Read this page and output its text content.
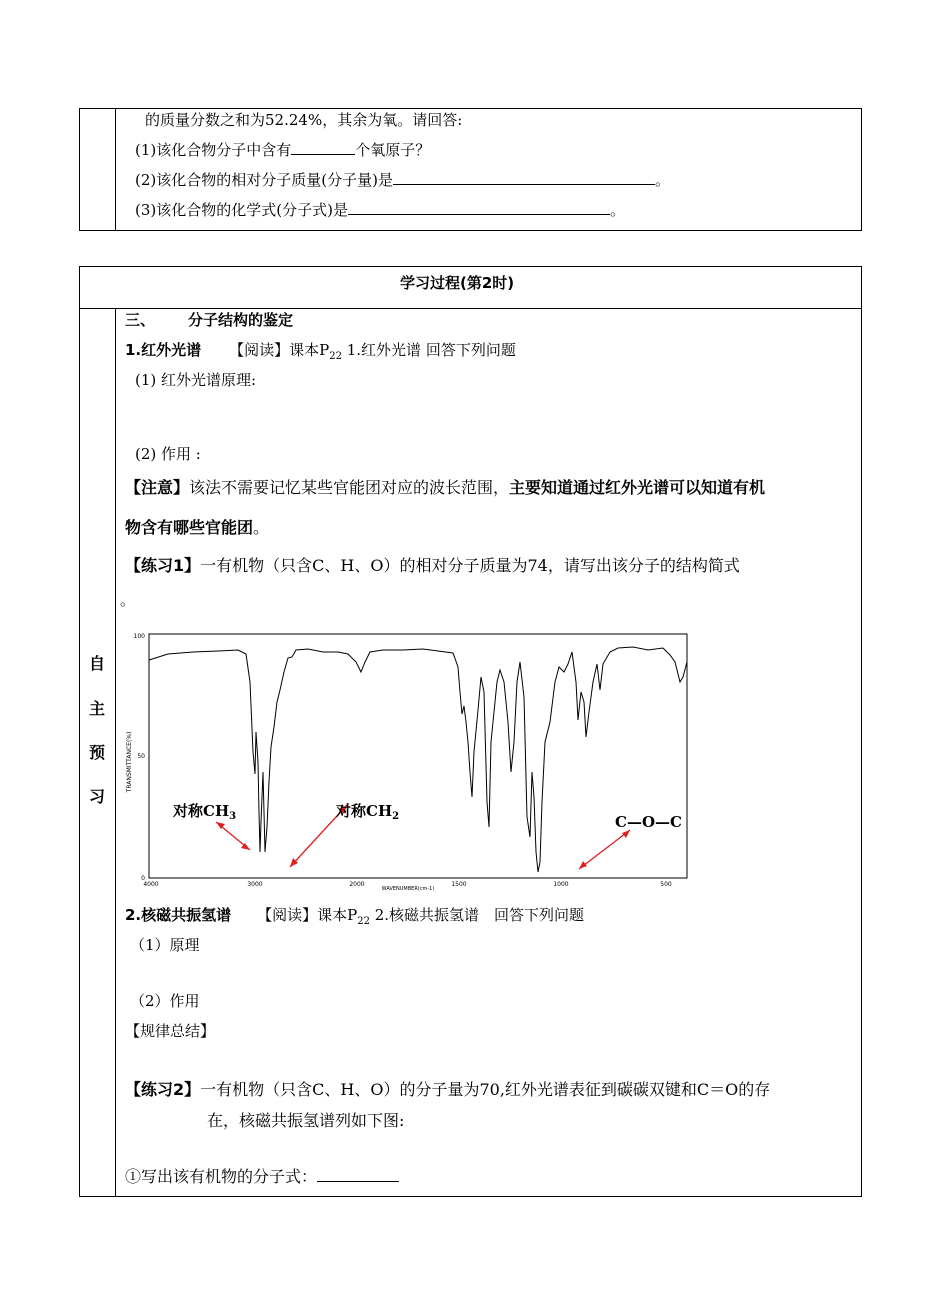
的质量分数之和为52.24%，其余为氧。请回答:
(1)该化合物分子中含有	个氧原子？
(2)该化合物的相对分子质量(分子量)是	。
(3)该化合物的化学式(分子式)是	。
学习过程(第2时)
自
主
预
习
三、 分子结构的鉴定
1.红外光谱 【阅读】课本$P_{22}$ 1.红外光谱 回答下列问题
(1) 红外光谱原理:
(2) 作用 :
【注意】该法不需要记忆某些官能团对应的波长范围，主要知道通过红外光谱可以知道有机
物含有哪些官能团。
【练习1】一有机物（只含C、H、O）的相对分子质量为74，请写出该分子的结构简式
。
TRANSMITTANCE(%)
100
50
0
4000	3000	2000	1500	1000	500
WAVENUMBER(cm-1)
对称$CH_3$	对称$CH_2$	C—O—C
2.核磁共振氢谱 【阅读】课本$P_{22}$ 2.核磁共振氢谱　回答下列问题
（1）原理
（2）作用
【规律总结】
【练习2】一有机物（只含C、H、O）的分子量为70,红外光谱表征到碳碳双键和C＝O的存
在，核磁共振氢谱列如下图:
①写出该有机物的分子式：
